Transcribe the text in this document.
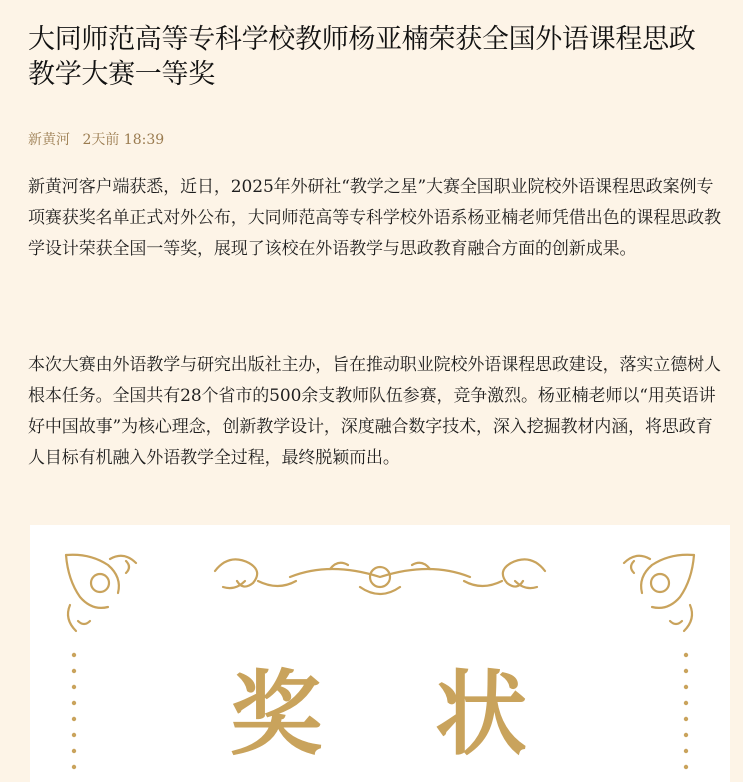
大同师范高等专科学校教师杨亚楠荣获全国外语课程思政教学大赛一等奖
新黄河 2天前 18:39

新黄河客户端获悉，近日，2025年外研社“教学之星”大赛全国职业院校外语课程思政案例专项赛获奖名单正式对外公布，大同师范高等专科学校外语系杨亚楠老师凭借出色的课程思政教学设计荣获全国一等奖，展现了该校在外语教学与思政教育融合方面的创新成果。

本次大赛由外语教学与研究出版社主办，旨在推动职业院校外语课程思政建设，落实立德树人根本任务。全国共有28个省市的500余支教师队伍参赛，竞争激烈。杨亚楠老师以“用英语讲好中国故事”为核心理念，创新教学设计，深度融合数字技术，深入挖掘教材内涵，将思政育人目标有机融入外语教学全过程，最终脱颖而出。

奖 状
